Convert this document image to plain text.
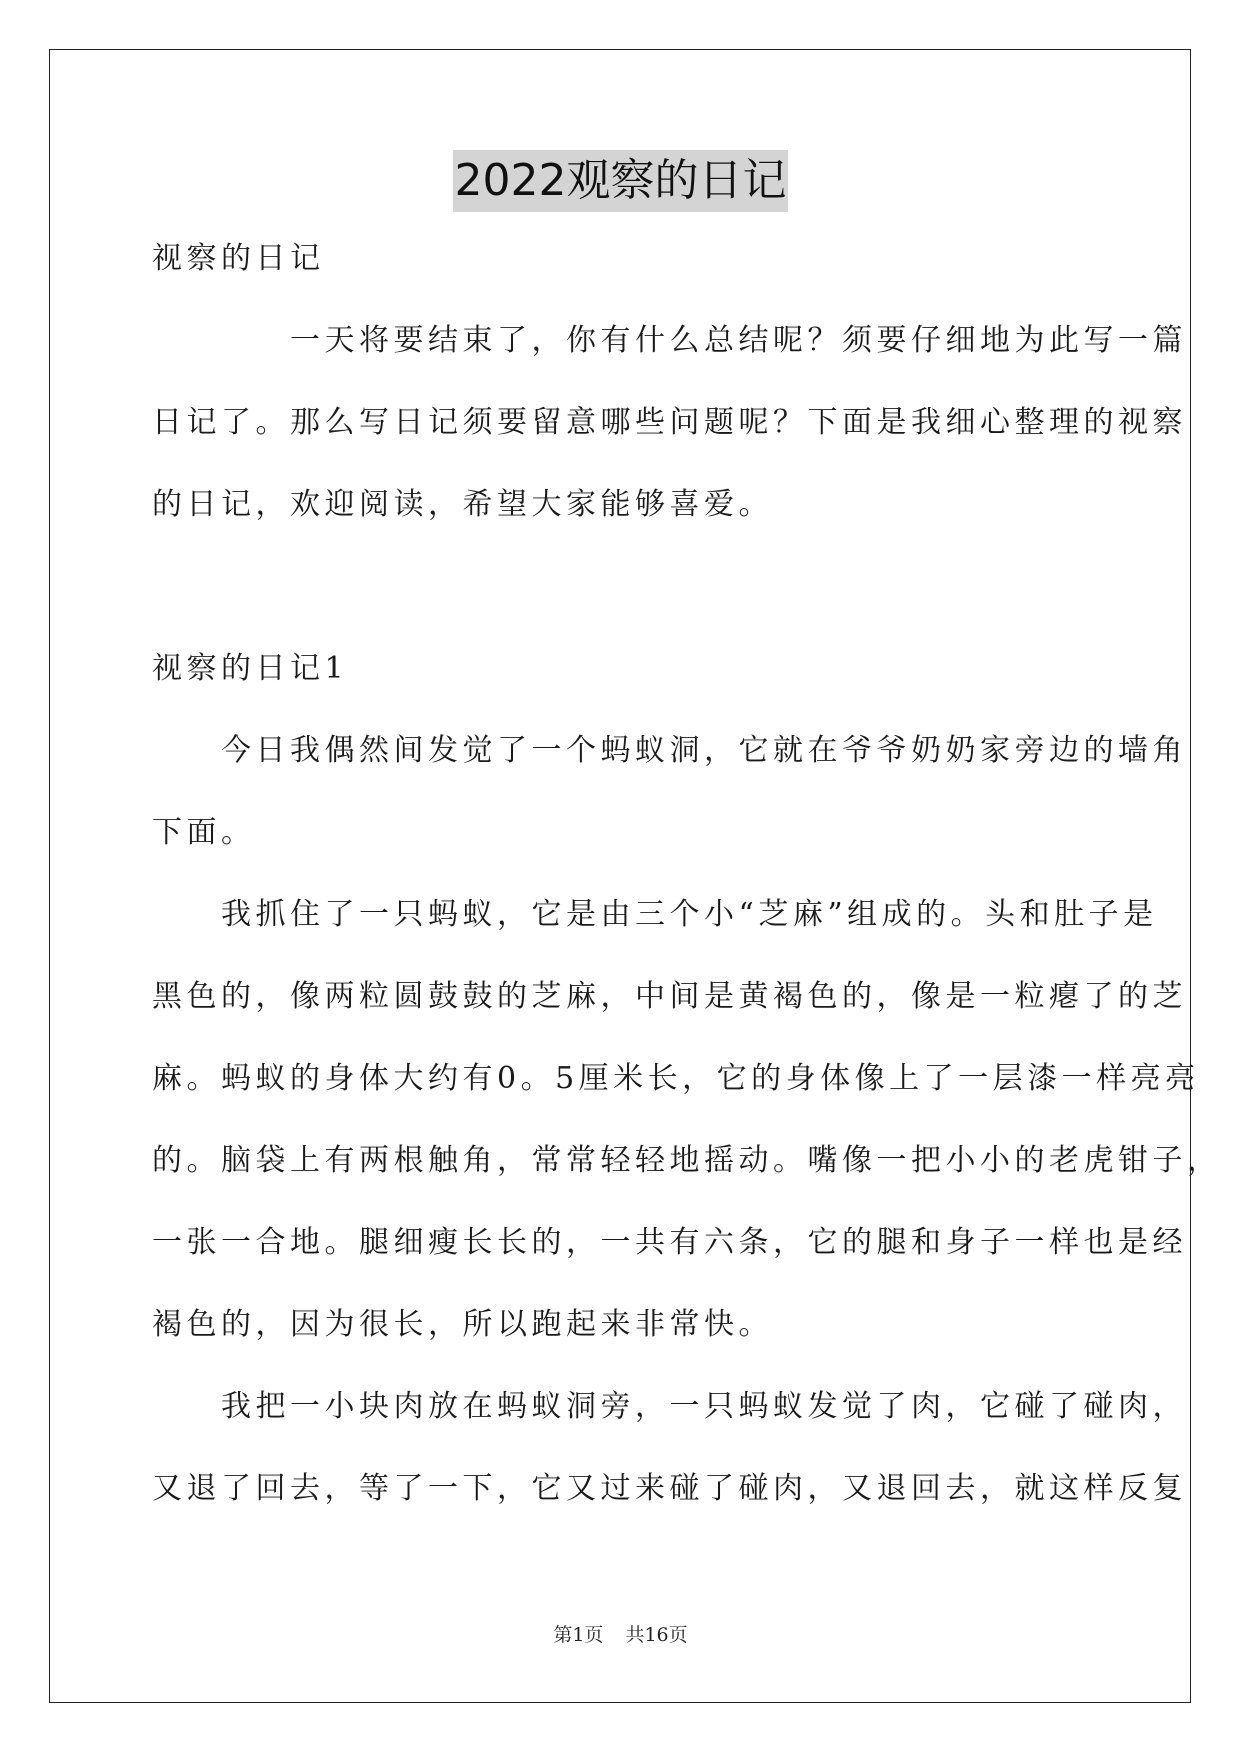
2022观察的日记
视察的日记
　　　　一天将要结束了，你有什么总结呢？须要仔细地为此写一篇
日记了。那么写日记须要留意哪些问题呢？下面是我细心整理的视察
的日记，欢迎阅读，希望大家能够喜爱。
视察的日记1
　　今日我偶然间发觉了一个蚂蚁洞，它就在爷爷奶奶家旁边的墙角
下面。
　　我抓住了一只蚂蚁，它是由三个小“芝麻”组成的。头和肚子是
黑色的，像两粒圆鼓鼓的芝麻，中间是黄褐色的，像是一粒瘪了的芝
麻。蚂蚁的身体大约有0。5厘米长，它的身体像上了一层漆一样亮亮
的。脑袋上有两根触角，常常轻轻地摇动。嘴像一把小小的老虎钳子，
一张一合地。腿细瘦长长的，一共有六条，它的腿和身子一样也是经
褐色的，因为很长，所以跑起来非常快。
　　我把一小块肉放在蚂蚁洞旁，一只蚂蚁发觉了肉，它碰了碰肉，
又退了回去，等了一下，它又过来碰了碰肉，又退回去，就这样反复
第1页 共16页
